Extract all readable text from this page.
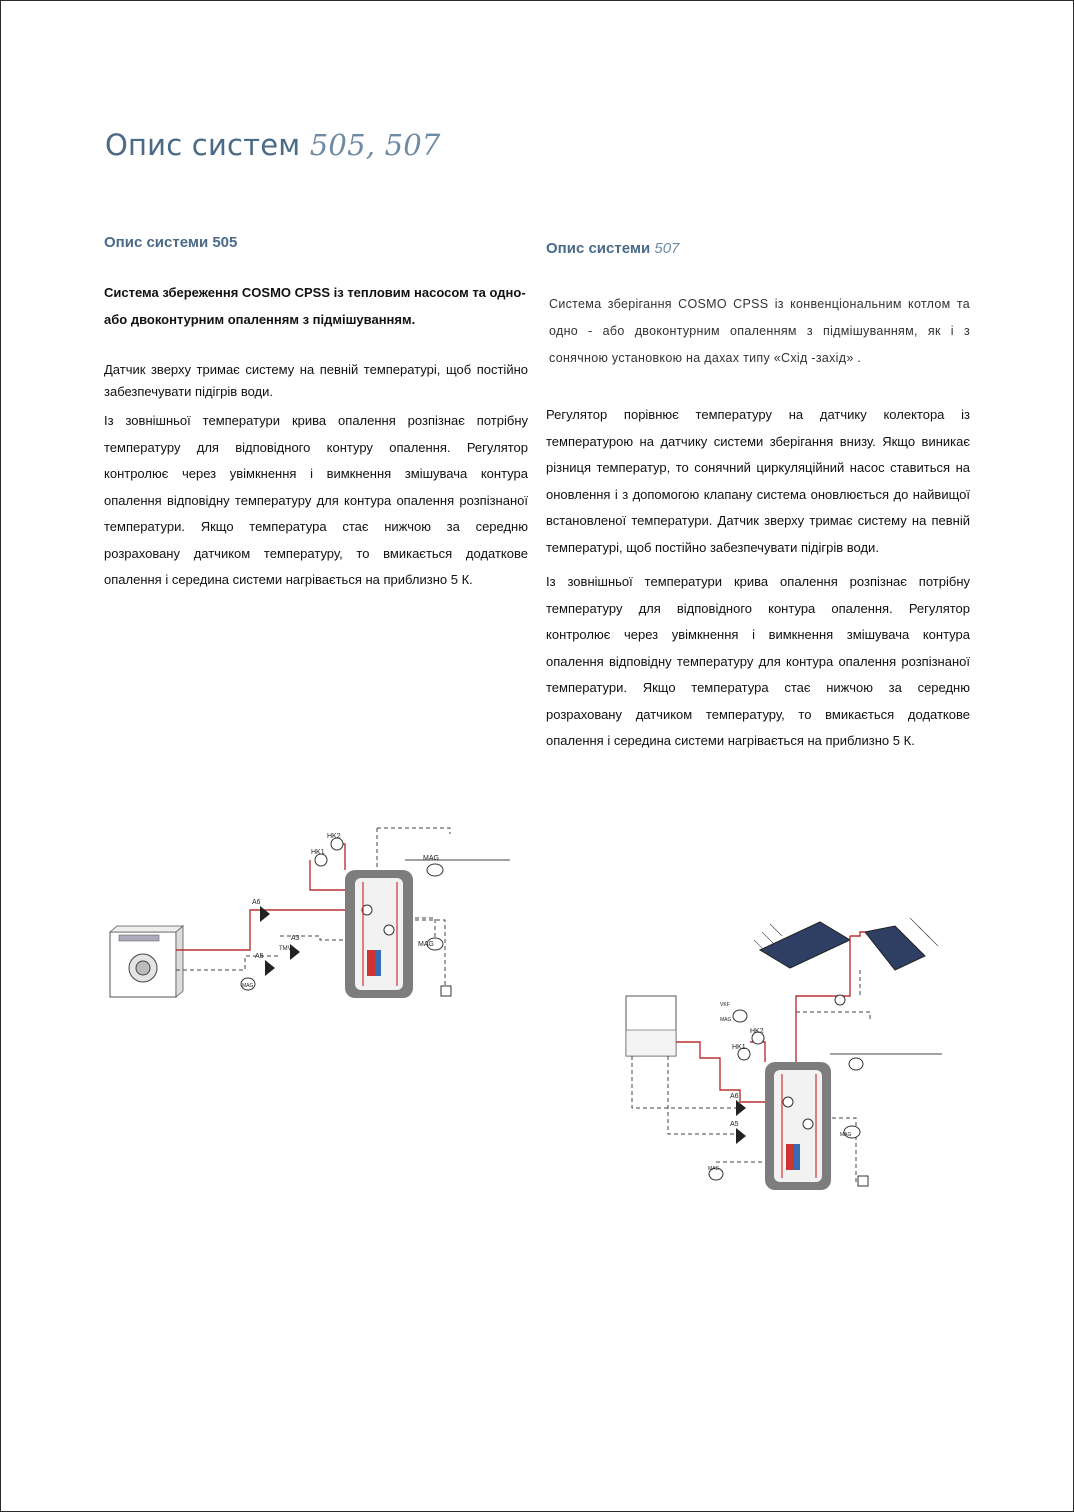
Опис систем 505, 507
Опис системи 505

Система збереження COSMO CPSS із тепловим насосом та одно- або двоконтурним опаленням з підмішуванням.

Датчик зверху тримає систему на певній температурі, щоб постійно забезпечувати підігрів води.

Із зовнішньої температури крива опалення розпізнає потрібну температуру для відповідного контуру опалення. Регулятор контролює через увімкнення і вимкнення змішувача контура опалення відповідну температуру для контура опалення розпізнаної температури. Якщо температура стає нижчою за середню розраховану датчиком температуру, то вмикається додаткове опалення і середина системи нагрівається на приблизно 5 К.

Опис системи 507

Система зберігання COSMO CPSS із конвенціональним котлом та одно - або двоконтурним опаленням з підмішуванням, як і з сонячною установкою на дахах типу «Схід -захід» .

Регулятор порівнює температуру на датчику колектора із температурою на датчику системи зберігання внизу. Якщо виникає різниця температур, то сонячний циркуляційний насос ставиться на оновлення і з допомогою клапану система оновлюється до найвищої встановленої температури. Датчик зверху тримає систему на певній температурі, щоб постійно забезпечувати підігрів води.

Із зовнішньої температури крива опалення розпізнає потрібну температуру для відповідного контура опалення. Регулятор контролює через увімкнення і вимкнення змішувача контура опалення відповідну температуру для контура опалення розпізнаної температури. Якщо температура стає нижчою за середню розраховану датчиком температуру, то вмикається додаткове опалення і середина системи нагрівається на приблизно 5 К.

HK2
HK1
MAG
MAG
MAG
A6
A3
A5
TMV
HK2
HK1
MAG
MAG
MAG
A6
A5
VKF
